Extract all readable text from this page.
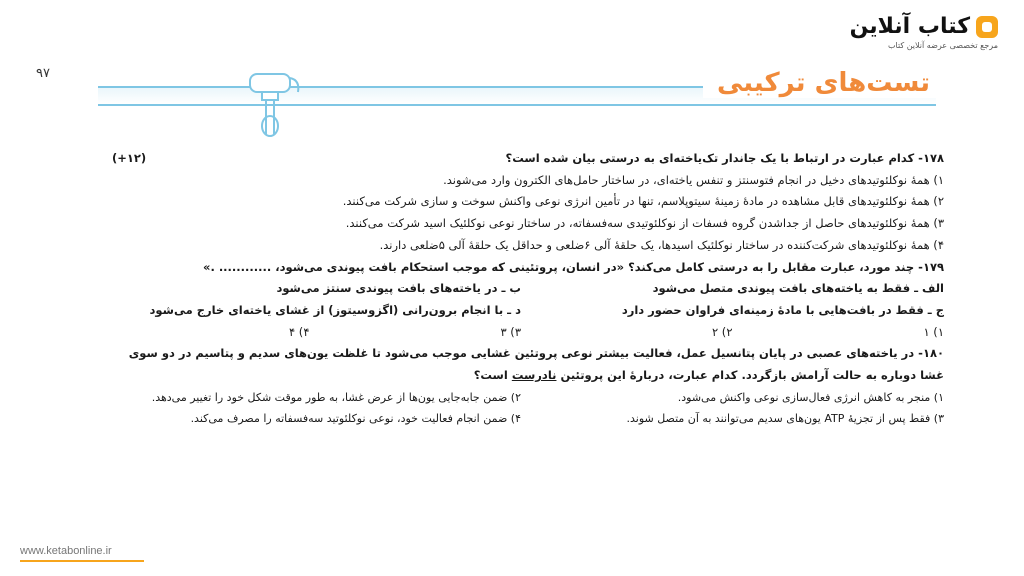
کتاب آنلاین
مرجع تخصصی عرضه آنلاین کتاب
۹۷	تست‌های ترکیبی
(+۱۲)	۱۷۸- کدام عبارت در ارتباط با یک جاندار تک‌یاخته‌ای به درستی بیان شده است؟
۱) همهٔ نوکلئوتیدهای دخیل در انجام فتوسنتز و تنفس یاخته‌ای، در ساختار حامل‌های الکترون وارد می‌شوند.
۲) همهٔ نوکلئوتیدهای قابل مشاهده در مادهٔ زمینهٔ سیتوپلاسم، تنها در تأمین انرژی نوعی واکنش سوخت و سازی شرکت می‌کنند.
۳) همهٔ نوکلئوتیدهای حاصل از جداشدن گروه فسفات از نوکلئوتیدی سه‌فسفاته، در ساختار نوعی نوکلئیک اسید شرکت می‌کنند.
۴) همهٔ نوکلئوتیدهای شرکت‌کننده در ساختار نوکلئیک اسیدها، یک حلقهٔ آلی ۶ضلعی و حداقل یک حلقهٔ آلی ۵ضلعی دارند.
۱۷۹- چند مورد، عبارت مقابل را به درستی کامل می‌کند؟ «در انسان، پروتئینی که موجب استحکام بافت پیوندی می‌شود، ............ .»
الف ـ فقط به یاخته‌های بافت پیوندی متصل می‌شود
ب ـ در یاخته‌های بافت پیوندی سنتز می‌شود
ج ـ فقط در بافت‌هایی با مادهٔ زمینه‌ای فراوان حضور دارد
د ـ با انجام برون‌رانی (اگزوسیتوز) از غشای یاخته‌ای خارج می‌شود
۱) ۱
۲) ۲
۳) ۳
۴) ۴
۱۸۰- در یاخته‌های عصبی در پایان پتانسیل عمل، فعالیت بیشتر نوعی پروتئین غشایی موجب می‌شود تا غلظت یون‌های سدیم و پتاسیم در دو سوی
غشا دوباره به حالت آرامش بازگردد. کدام عبارت، دربارهٔ این پروتئین نادرست است؟
۱) منجر به کاهش انرژی فعال‌سازی نوعی واکنش می‌شود.
۲) ضمن جابه‌جایی یون‌ها از عرض غشا، به طور موقت شکل خود را تغییر می‌دهد.
۳) فقط پس از تجزیهٔ ATP یون‌های سدیم می‌توانند به آن متصل شوند.
۴) ضمن انجام فعالیت خود، نوعی نوکلئوتید سه‌فسفاته را مصرف می‌کند.
www.ketabonline.ir
